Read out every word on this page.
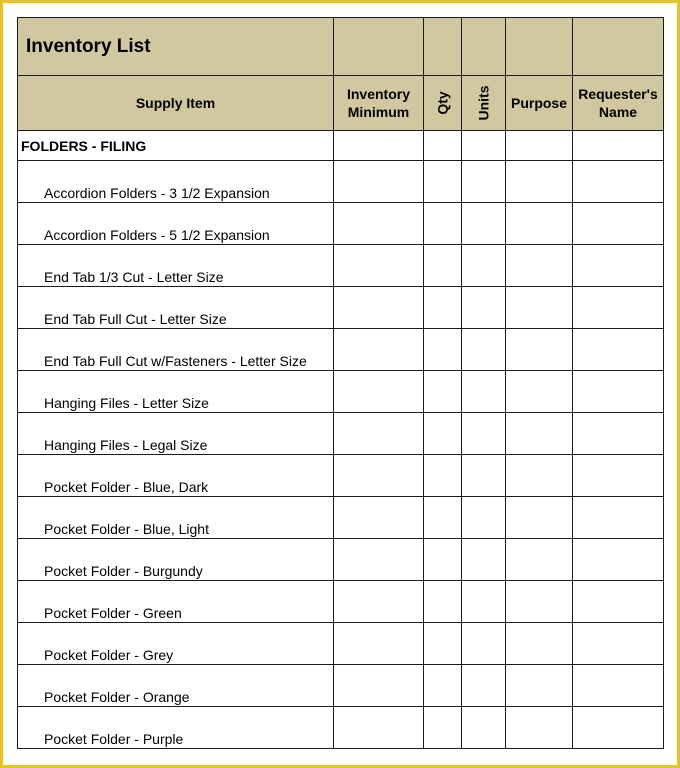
Inventory List					
Supply Item	Inventory Minimum	Qty	Units	Purpose	Requester's Name
FOLDERS - FILING					
Accordion Folders - 3 1/2 Expansion					
Accordion Folders - 5 1/2 Expansion					
End Tab 1/3 Cut - Letter Size					
End Tab Full Cut - Letter Size					
End Tab Full Cut w/Fasteners - Letter Size					
Hanging Files - Letter Size					
Hanging Files - Legal Size					
Pocket Folder - Blue, Dark					
Pocket Folder - Blue, Light					
Pocket Folder - Burgundy					
Pocket Folder - Green					
Pocket Folder - Grey					
Pocket Folder - Orange					
Pocket Folder - Purple					
